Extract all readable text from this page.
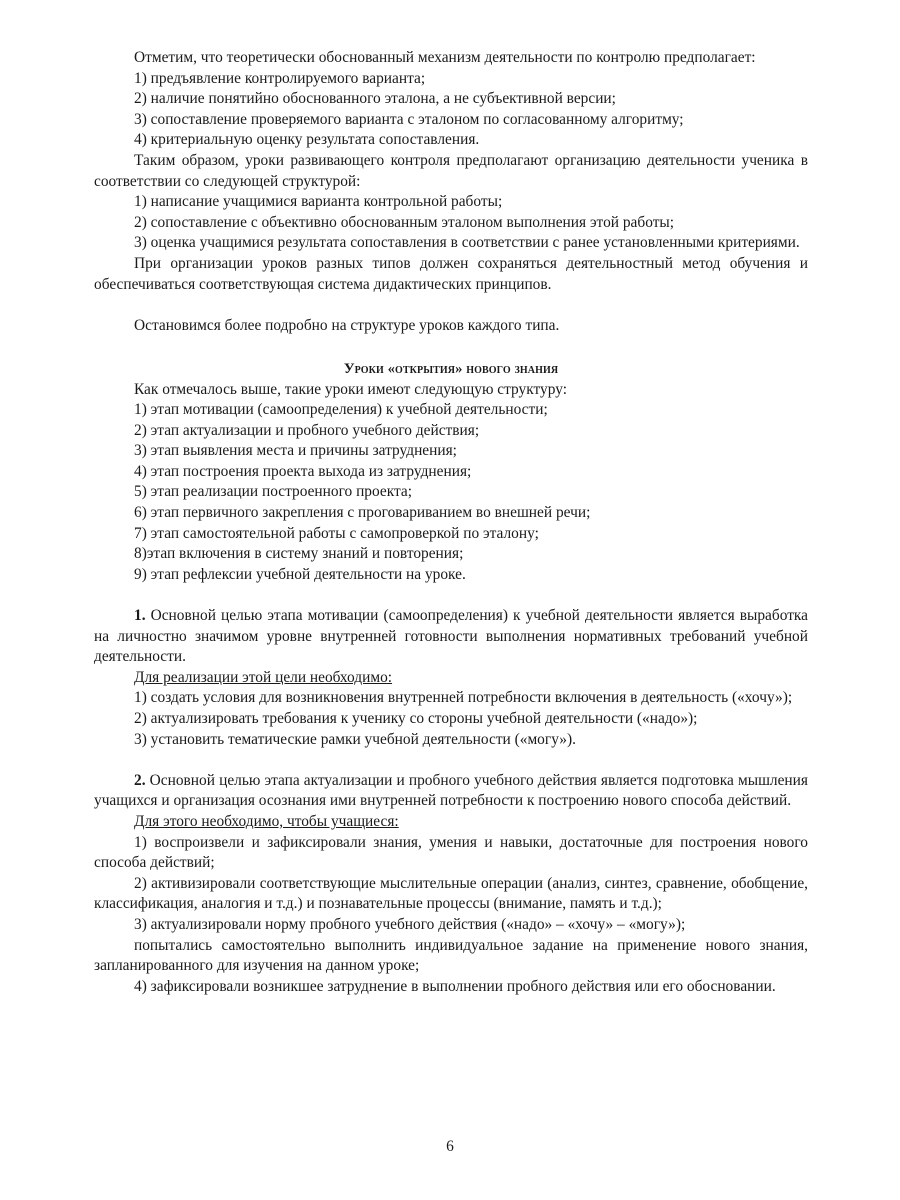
Отметим, что теоретически обоснованный механизм деятельности по контролю предполагает:

1) предъявление контролируемого варианта;

2) наличие понятийно обоснованного эталона, а не субъективной версии;

3) сопоставление проверяемого варианта с эталоном по согласованному алгоритму;

4) критериальную оценку результата сопоставления.

Таким образом, уроки развивающего контроля предполагают организацию деятельности ученика в соответствии со следующей структурой:

1) написание учащимися варианта контрольной работы;

2) сопоставление с объективно обоснованным эталоном выполнения этой работы;

3) оценка учащимися результата сопоставления в соответствии с ранее установленными критериями.

При организации уроков разных типов должен сохраняться деятельностный метод обучения и обеспечиваться соответствующая система дидактических принципов.

Остановимся более подробно на структуре уроков каждого типа.

Уроки «открытия» нового знания

Как отмечалось выше, такие уроки имеют следующую структуру:

1) этап мотивации (самоопределения) к учебной деятельности;

2) этап актуализации и пробного учебного действия;

3) этап выявления места и причины затруднения;

4) этап построения проекта выхода из затруднения;

5) этап реализации построенного проекта;

6) этап первичного закрепления с проговариванием во внешней речи;

7) этап самостоятельной работы с самопроверкой по эталону;

8)этап включения в систему знаний и повторения;

9) этап рефлексии учебной деятельности на уроке.

1. Основной целью этапа мотивации (самоопределения) к учебной деятельности является выработка на личностно значимом уровне внутренней готовности выполнения нормативных требований учебной деятельности.

Для реализации этой цели необходимо:

1) создать условия для возникновения внутренней потребности включения в деятельность («хочу»);

2) актуализировать требования к ученику со стороны учебной деятельности («надо»);

3) установить тематические рамки учебной деятельности («могу»).

2. Основной целью этапа актуализации и пробного учебного действия является подготовка мышления учащихся и организация осознания ими внутренней потребности к построению нового способа действий.

Для этого необходимо, чтобы учащиеся:

1) воспроизвели и зафиксировали знания, умения и навыки, достаточные для построения нового способа действий;

2) активизировали соответствующие мыслительные операции (анализ, синтез, сравнение, обобщение, классификация, аналогия и т.д.) и познавательные процессы (внимание, память и т.д.);

3) актуализировали норму пробного учебного действия («надо» – «хочу» – «могу»);

попытались самостоятельно выполнить индивидуальное задание на применение нового знания, запланированного для изучения на данном уроке;

4) зафиксировали возникшее затруднение в выполнении пробного действия или его обосновании.

6
